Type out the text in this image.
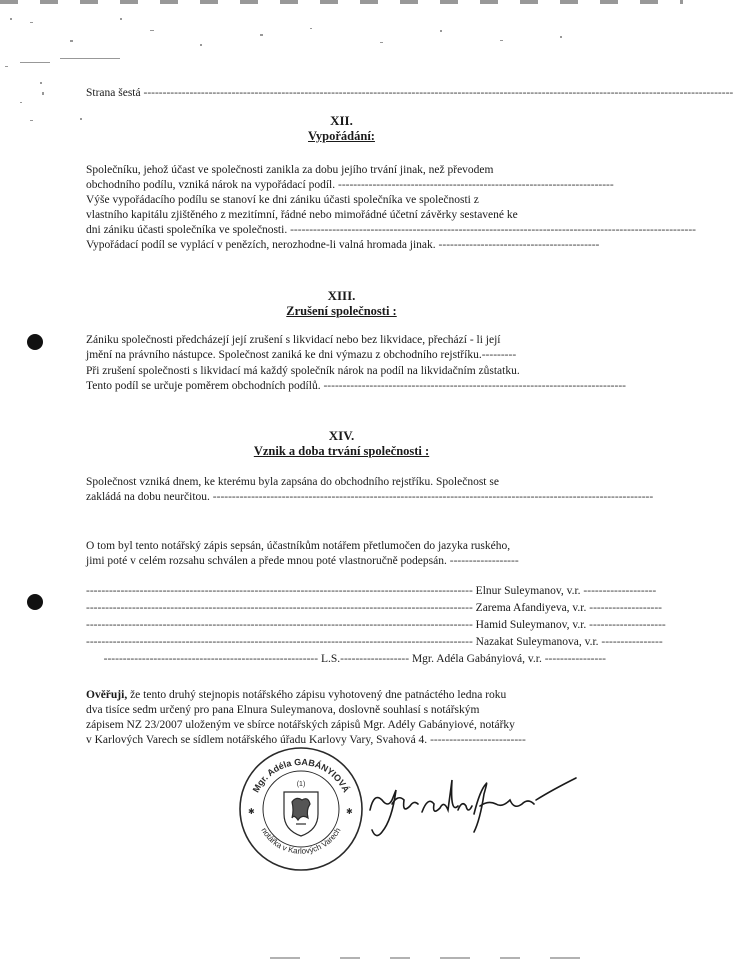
Strana šestá ----------------------------------------------------------------------------------------------------------------------------------------------------------
XII.
Vypořádání:
Společníku, jehož účast ve společnosti zanikla za dobu jejího trvání jinak, než převodem
obchodního podílu, vzniká nárok na vypořádací podíl. ------------------------------------------------------------------------
Výše vypořádacího podílu se stanoví ke dni zániku účasti společníka ve společnosti z
vlastního kapitálu zjištěného z mezitímní, řádné nebo mimořádné účetní závěrky sestavené ke
dni zániku účasti společníka ve společnosti. ----------------------------------------------------------------------------------------------------------
Vypořádací podíl se vyplácí v penězích, nerozhodne-li valná hromada jinak. ------------------------------------------
XIII.
Zrušení společnosti :
Zániku společnosti předcházejí její zrušení s likvidací nebo bez likvidace, přechází - li její
jmění na právního nástupce. Společnost zaniká ke dni výmazu z obchodního rejstříku.---------
Při zrušení společnosti s likvidací má každý společník nárok na podíl na likvidačním zůstatku.
Tento podíl se určuje poměrem obchodních podílů. -------------------------------------------------------------------------------
XIV.
Vznik a doba trvání společnosti :
Společnost vzniká dnem, ke kterému byla zapsána do obchodního rejstříku. Společnost se
zakládá na dobu neurčitou. -------------------------------------------------------------------------------------------------------------------
O tom byl tento notářský zápis sepsán, účastníkům notářem přetlumočen do jazyka ruského,
jimi poté v celém rozsahu schválen a přede mnou poté vlastnoručně podepsán. ------------------
----------------------------------------------------------------------------------------------------- Elnur Suleymanov, v.r. -------------------
----------------------------------------------------------------------------------------------------- Zarema Afandiyeva, v.r. -------------------
----------------------------------------------------------------------------------------------------- Hamid Suleymanov, v.r. --------------------
----------------------------------------------------------------------------------------------------- Nazakat Suleymanova, v.r. ----------------
-------------------------------------------------------- L.S.------------------ Mgr. Adéla Gabányiová, v.r. ----------------
Ověřuji, že tento druhý stejnopis notářského zápisu vyhotovený dne patnáctého ledna roku
dva tisíce sedm určený pro pana Elnura Suleymanova, doslovně souhlasí s notářským
zápisem NZ 23/2007 uloženým ve sbírce notářských zápisů Mgr. Adély Gabányiové, notářky
v Karlových Varech se sídlem notářského úřadu Karlovy Vary, Svahová 4. -------------------------
Mgr. Adéla GABÁNYIOVÁ
notářka v Karlových Varech
(1)
✱	✱
